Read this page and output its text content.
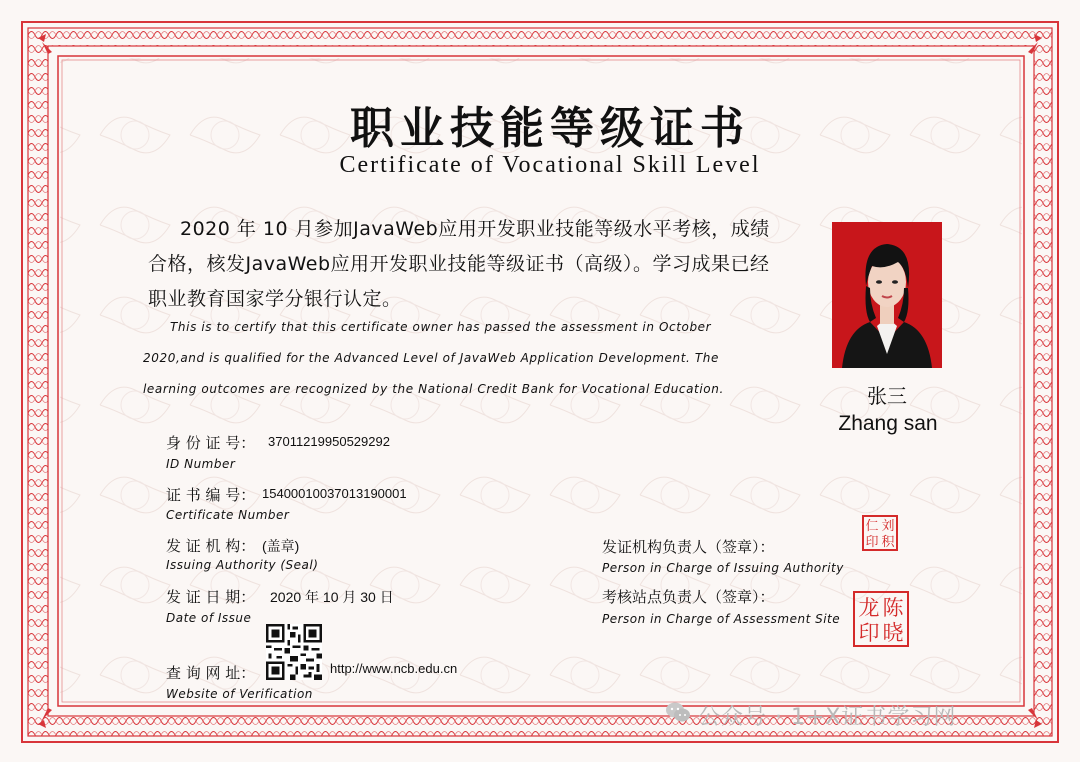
职业技能等级证书
Certificate of Vocational Skill Level
2020 年 10 月参加JavaWeb应用开发职业技能等级水平考核，成绩
合格，核发JavaWeb应用开发职业技能等级证书（高级）。学习成果已经
职业教育国家学分银行认定。
This is to certify that this certificate owner has passed the assessment in October
2020,and is qualified for the Advanced Level of JavaWeb Application Development. The
learning outcomes are recognized by the National Credit Bank for Vocational Education.	张三
Zhang san
身 份 证 号： 37011219950529292
ID Number
证 书 编 号： 15400010037013190001
Certificate Number
发 证 机 构： (盖章)
Issuing Authority (Seal)
发 证 日 期： 2020 年 10 月 30 日
Date of Issue
查 询 网 址：	http://www.ncb.edu.cn
Website of Verification
发证机构负责人（签章）：
Person in Charge of Issuing Authority
考核站点负责人（签章）：
Person in Charge of Assessment Site
刘
仁
积
印
陈
龙
晓
印
公众号 · 1+X证书学习网
